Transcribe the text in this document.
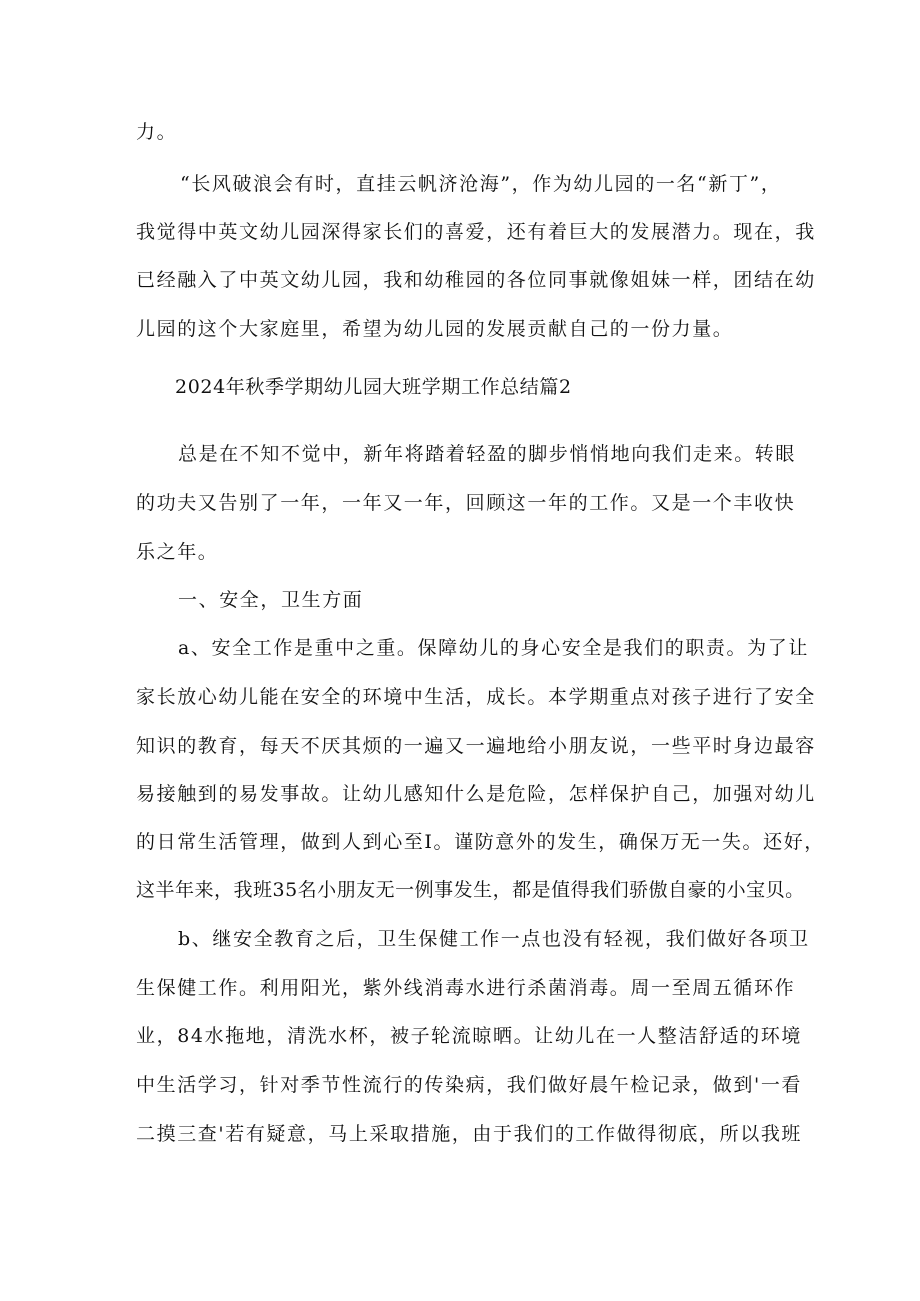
力。
“长风破浪会有时，直挂云帆济沧海”，作为幼儿园的一名“新丁”，
我觉得中英文幼儿园深得家长们的喜爱，还有着巨大的发展潜力。现在，我
已经融入了中英文幼儿园，我和幼稚园的各位同事就像姐妹一样，团结在幼
儿园的这个大家庭里，希望为幼儿园的发展贡献自己的一份力量。
2024年秋季学期幼儿园大班学期工作总结篇2
总是在不知不觉中，新年将踏着轻盈的脚步悄悄地向我们走来。转眼
的功夫又告别了一年，一年又一年，回顾这一年的工作。又是一个丰收快
乐之年。
一、安全，卫生方面
a、安全工作是重中之重。保障幼儿的身心安全是我们的职责。为了让
家长放心幼儿能在安全的环境中生活，成长。本学期重点对孩子进行了安全
知识的教育，每天不厌其烦的一遍又一遍地给小朋友说，一些平时身边最容
易接触到的易发事故。让幼儿感知什么是危险，怎样保护自己，加强对幼儿
的日常生活管理，做到人到心至I。谨防意外的发生，确保万无一失。还好，
这半年来，我班35名小朋友无一例事发生，都是值得我们骄傲自豪的小宝贝。
b、继安全教育之后，卫生保健工作一点也没有轻视，我们做好各项卫
生保健工作。利用阳光，紫外线消毒水进行杀菌消毒。周一至周五循环作
业，84水拖地，清洗水杯，被子轮流晾晒。让幼儿在一人整洁舒适的环境
中生活学习，针对季节性流行的传染病，我们做好晨午检记录，做到'一看
二摸三查'若有疑意，马上采取措施，由于我们的工作做得彻底，所以我班
